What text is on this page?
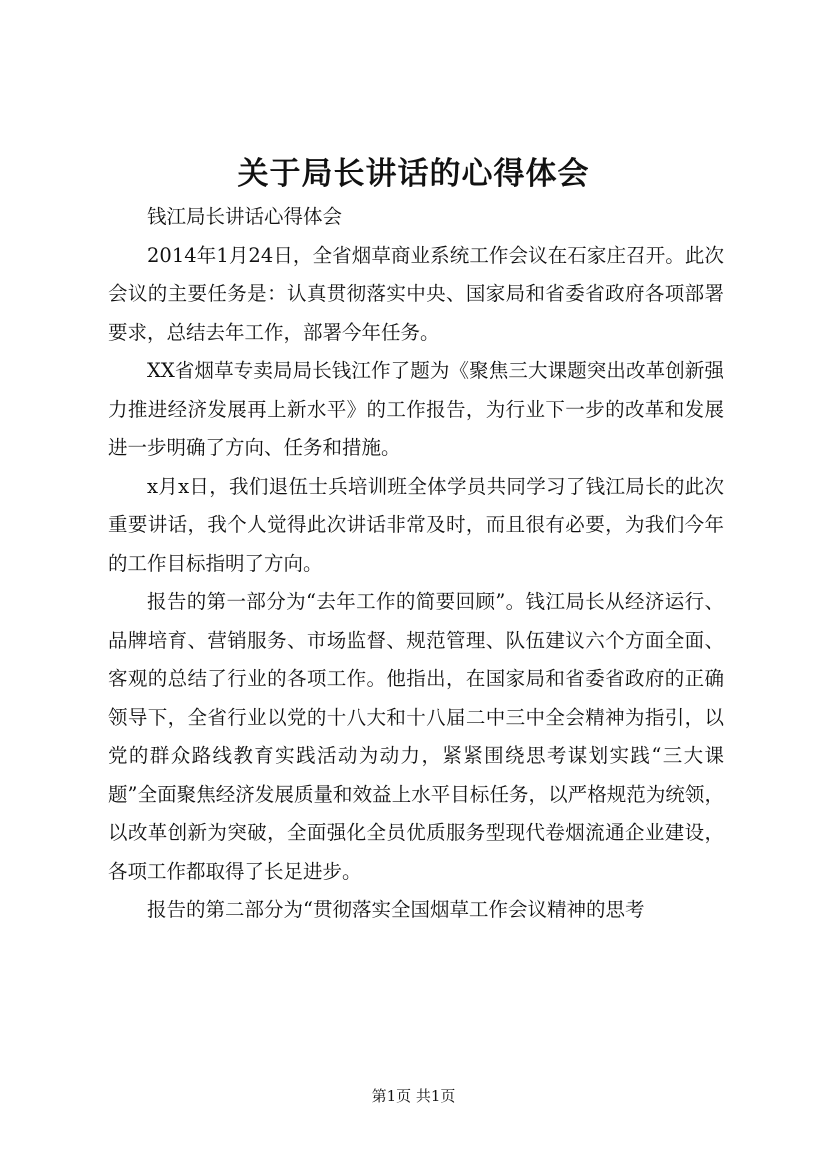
关于局长讲话的心得体会

钱江局长讲话心得体会

2014年1月24日，全省烟草商业系统工作会议在石家庄召开。此次会议的主要任务是：认真贯彻落实中央、国家局和省委省政府各项部署要求，总结去年工作，部署今年任务。

XX省烟草专卖局局长钱江作了题为《聚焦三大课题突出改革创新强力推进经济发展再上新水平》的工作报告，为行业下一步的改革和发展进一步明确了方向、任务和措施。

x月x日，我们退伍士兵培训班全体学员共同学习了钱江局长的此次重要讲话，我个人觉得此次讲话非常及时，而且很有必要，为我们今年的工作目标指明了方向。

报告的第一部分为“去年工作的简要回顾”。钱江局长从经济运行、品牌培育、营销服务、市场监督、规范管理、队伍建议六个方面全面、客观的总结了行业的各项工作。他指出，在国家局和省委省政府的正确领导下，全省行业以党的十八大和十八届二中三中全会精神为指引，以党的群众路线教育实践活动为动力，紧紧围绕思考谋划实践“三大课题”全面聚焦经济发展质量和效益上水平目标任务，以严格规范为统领，以改革创新为突破，全面强化全员优质服务型现代卷烟流通企业建设，各项工作都取得了长足进步。

报告的第二部分为“贯彻落实全国烟草工作会议精神的思考

第1页 共1页
